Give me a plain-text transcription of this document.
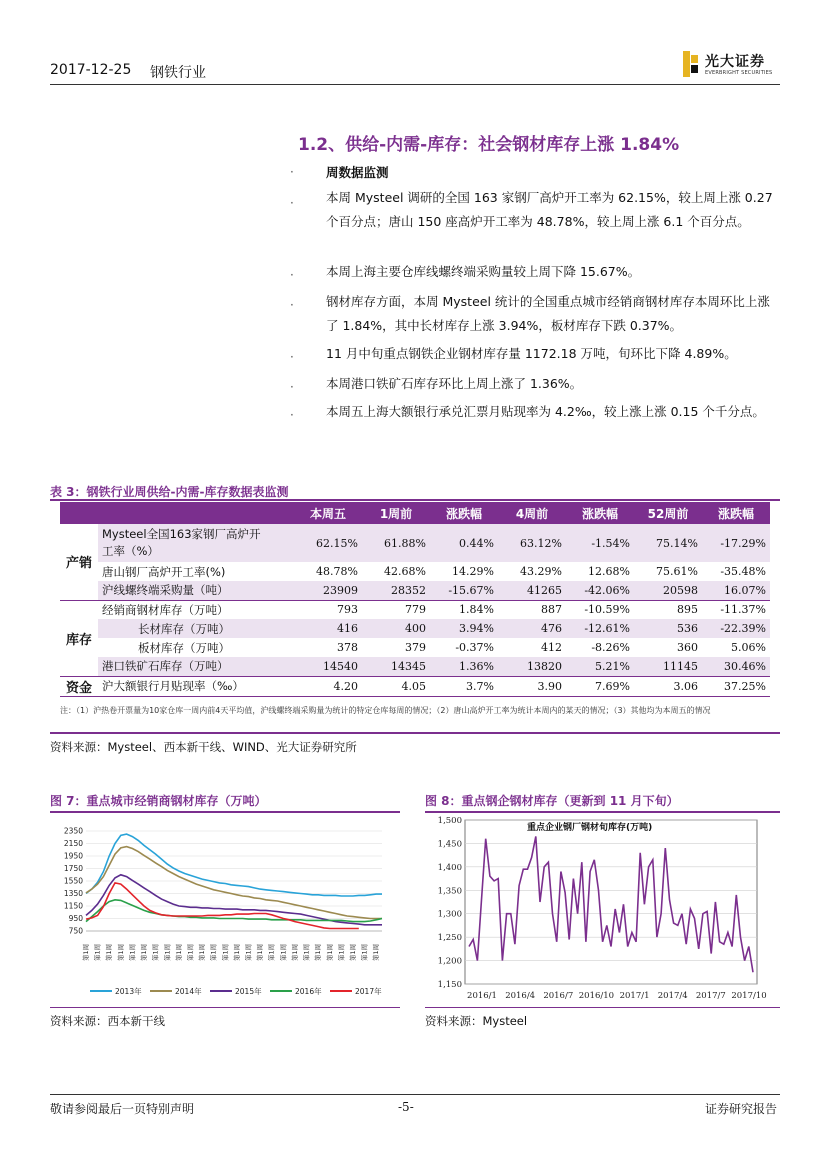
2017-12-25 钢铁行业
光大证券
EVERBRIGHT SECURITIES
1.2、供给-内需-库存：社会钢材库存上涨 1.84%
·	周数据监测
·	本周 Mysteel 调研的全国 163 家钢厂高炉开工率为 62.15%，较上周上涨 0.27 个百分点；唐山 150 座高炉开工率为 48.78%，较上周上涨 6.1 个百分点。
·	本周上海主要仓库线螺终端采购量较上周下降 15.67%。
·	钢材库存方面，本周 Mysteel 统计的全国重点城市经销商钢材库存本周环比上涨了 1.84%，其中长材库存上涨 3.94%，板材库存下跌 0.37%。
·	11 月中旬重点钢铁企业钢材库存量 1172.18 万吨，旬环比下降 4.89%。
·	本周港口铁矿石库存环比上周上涨了 1.36%。
·	本周五上海大额银行承兑汇票月贴现率为 4.2‰，较上涨上涨 0.15 个千分点。
表 3：钢铁行业周供给-内需-库存数据表监测
		本周五	1周前	涨跌幅	4周前	涨跌幅	52周前	涨跌幅
产销	Mysteel全国163家钢厂高炉开
工率（%）	62.15%	61.88%	0.44%	63.12%	-1.54%	75.14%	-17.29%
	唐山钢厂高炉开工率(%)	48.78%	42.68%	14.29%	43.29%	12.68%	75.61%	-35.48%
	沪线螺终端采购量（吨）	23909	28352	-15.67%	41265	-42.06%	20598	16.07%
库存	经销商钢材库存（万吨）	793	779	1.84%	887	-10.59%	895	-11.37%
	长材库存（万吨）	416	400	3.94%	476	-12.61%	536	-22.39%
	板材库存（万吨）	378	379	-0.37%	412	-8.26%	360	5.06%
	港口铁矿石库存（万吨）	14540	14345	1.36%	13820	5.21%	11145	30.46%
资金	沪大额银行月贴现率（‰）	4.20	4.05	3.7%	3.90	7.69%	3.06	37.25%
注：（1）沪热卷开票量为10家仓库一周内前4天平均值，沪线螺终端采购量为统计的特定仓库每周的情况；（2）唐山高炉开工率为统计本周内的某天的情况；（3）其他均为本周五的情况
资料来源：Mysteel、西本新干线、WIND、光大证券研究所
图 7：重点城市经销商钢材库存（万吨）
2350
2150
1950
1750
1550
1350
1150
950
750
第1周 第1周 第1周 第1周 第1周 第1周 第1周 第1周 第1周 第1周 第1周 第1周 第1周 第1周 第1周 第1周 第1周 第1周 第1周 第1周 第1周 第1周 第1周 第1周 第1周 第1周
2013年	2014年	2015年	2016年	2017年
资料来源：西本新干线
图 8：重点钢企钢材库存（更新到 11 月下旬）
1,500
1,450
1,400
1,350
1,300
1,250
1,200
1,150
2016/1 2016/4 2016/7 2016/10 2017/1 2017/4 2017/7 2017/10
重点企业钢厂钢材旬库存(万吨)
资料来源：Mysteel
敬请参阅最后一页特别声明	-5-	证券研究报告
